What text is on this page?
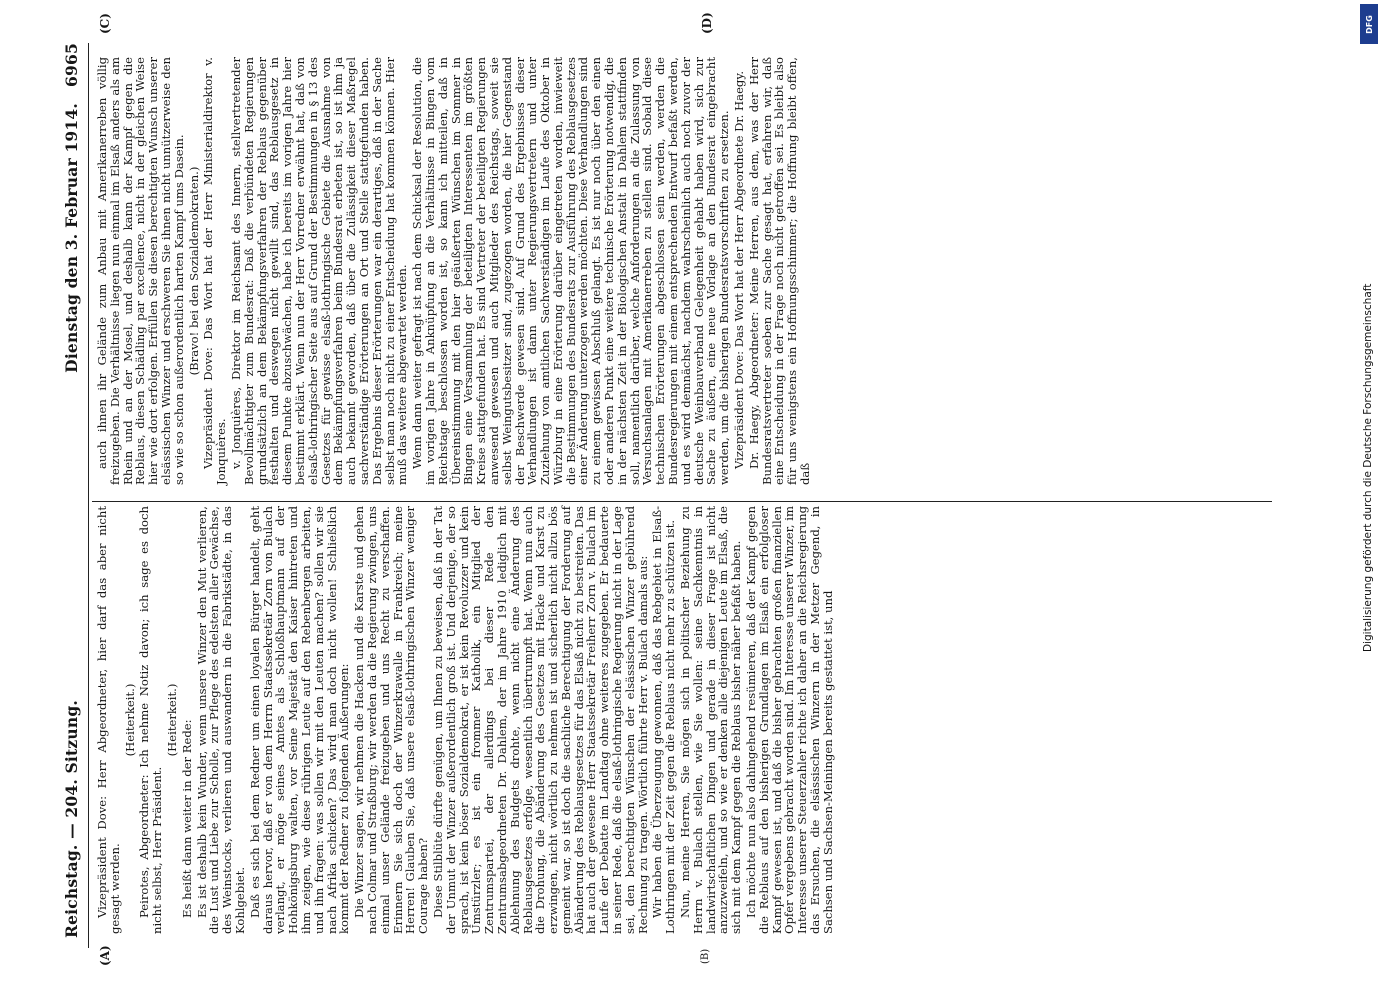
Reichstag. — 204. Sitzung.
Dienstag den 3. Februar 1914.
6965
(A)	(B)
(C)	(D)

Vizepräsident Dove: Herr Abgeordneter, hier darf das aber nicht gesagt werden.

(Heiterkeit.) Peirotes, Abgeordneter: Ich nehme Notiz davon; ich sage es doch nicht selbst, Herr Präsident.

(Heiterkeit.) Es heißt dann weiter in der Rede: Es ist deshalb kein Wunder, wenn unsere Winzer den Mut verlieren, die Lust und Liebe zur Scholle, zur Pflege des edelsten aller Gewächse, des Weinstocks, verlieren und auswandern in die Fabrikstädte, in das Kohlgebiet. Daß es sich bei dem Redner um einen loyalen Bürger handelt, geht daraus hervor, daß er von dem Herrn Staatssekretär Zorn von Bulach verlangt, er möge seines Amtes als Schloßhauptmann auf der Hohkönigsburg walten, vor Seine Majestät den Kaiser hintreten und ihm zeigen, wie diese rührigen Leute auf den Rebenbergen arbeiten, und ihn fragen: was sollen wir mit den Leuten machen? sollen wir sie nach Afrika schicken? Das wird man doch nicht wollen! Schließlich kommt der Redner zu folgenden Äußerungen: Die Winzer sagen, wir nehmen die Hacken und die Karste und gehen nach Colmar und Straßburg; wir werden da die Regierung zwingen, uns einmal unser Gelände freizugeben und uns Recht zu verschaffen. Erinnern Sie sich doch der Winzerkrawalle in Frankreich; meine Herren! Glauben Sie, daß unsere elsaß-lothringischen Winzer weniger Courage haben? Diese Stilblüte dürfte genügen, um Ihnen zu beweisen, daß in der Tat der Unmut der Winzer außerordentlich groß ist. Und derjenige, der so sprach, ist kein böser Sozialdemokrat, er ist kein Revoluzzer und kein Umstürzler; es ist ein frommer Katholik, ein Mitglied der Zentrumspartei, der allerdings bei dieser Rede den Zentrumsabgeordneten Dr. Dahlem, der im Jahre 1910 lediglich mit Ablehnung des Budgets drohte, wenn nicht eine Änderung des Reblausgesetzes erfolge, wesentlich übertrumpft hat. Wenn nun auch die Drohung, die Abänderung des Gesetzes mit Hacke und Karst zu erzwingen, nicht wörtlich zu nehmen ist und sicherlich nicht allzu bös gemeint war, so ist doch die sachliche Berechtigung der Forderung auf Abänderung des Reblausgesetzes für das Elsaß nicht zu bestreiten. Das hat auch der gewesene Herr Staatssekretär Freiherr Zorn v. Bulach im Laufe der Debatte im Landtag ohne weiteres zugegeben. Er bedauerte in seiner Rede, daß die elsaß-lothringische Regierung nicht in der Lage sei, den berechtigten Wünschen der elsässischen Winzer gebührend Rechnung zu tragen. Wörtlich führte Herr v. Bulach damals aus: Wir haben die Überzeugung gewonnen, daß das Rebgebiet in Elsaß-Lothringen mit der Zeit gegen die Reblaus nicht mehr zu schützen ist. Nun, meine Herren, Sie mögen sich in politischer Beziehung zu Herrn v. Bulach stellen, wie Sie wollen: seine Sachkenntnis in landwirtschaftlichen Dingen und gerade in dieser Frage ist nicht anzuzweifeln, und so wie er denken alle diejenigen Leute im Elsaß, die sich mit dem Kampf gegen die Reblaus bisher näher befaßt haben. Ich möchte nun also dahingehend resümieren, daß der Kampf gegen die Reblaus auf den bisherigen Grundlagen im Elsaß ein erfolgloser Kampf gewesen ist, und daß die bisher gebrachten großen finanziellen Opfer vergebens gebracht worden sind. Im Interesse unserer Winzer, im Interesse unserer Steuerzahler richte ich daher an die Reichsregierung das Ersuchen, die elsässischen Winzern in der Metzer Gegend, in Sachsen und Sachsen-Meiningen bereits gestattet ist, und

auch ihnen ihr Gelände zum Anbau mit Amerikanerreben völlig freizugeben. Die Verhältnisse liegen nun einmal im Elsaß anders als am Rhein und an der Mosel, und deshalb kann der Kampf gegen die Reblaus, diesen Schädling par excellence, nicht in der gleichen Weise hier wie dort erfolgen. Erfüllen Sie diesen berechtigten Wunsch unserer elsässischen Winzer und erschweren Sie ihnen nicht unnützerweise den so wie so schon außerordentlich harten Kampf ums Dasein. (Bravo! bei den Sozialdemokraten.) Vizepräsident Dove: Das Wort hat der Herr Ministerialdirektor v. Jonquières. v. Jonquières, Direktor im Reichsamt des Innern, stellvertretender Bevollmächtigter zum Bundesrat: Daß die verbündeten Regierungen grundsätzlich an dem Bekämpfungsverfahren der Reblaus gegenüber festhalten und deswegen nicht gewillt sind, das Reblausgesetz in diesem Punkte abzuschwächen, habe ich bereits im vorigen Jahre hier bestimmt erklärt. Wenn nun der Herr Vorredner erwähnt hat, daß von elsaß-lothringischer Seite aus auf Grund der Bestimmungen in § 13 des Gesetzes für gewisse elsaß-lothringische Gebiete die Ausnahme von dem Bekämpfungsverfahren beim Bundesrat erbeten ist, so ist ihm ja auch bekannt geworden, daß über die Zulässigkeit dieser Maßregel sachverständige Erörterungen an Ort und Stelle stattgefunden haben. Das Ergebnis dieser Erörterungen war ein derartiges, daß in der Sache selbst man noch nicht zu einer Entscheidung hat kommen können. Hier muß das weitere abgewartet werden. Wenn dann weiter gefragt ist nach dem Schicksal der Resolution, die im vorigen Jahre in Anknüpfung an die Verhältnisse in Bingen vom Reichstage beschlossen worden ist, so kann ich mitteilen, daß in Übereinstimmung mit den hier geäußerten Wünschen im Sommer in Bingen eine Versammlung der beteiligten Interessenten im größten Kreise stattgefunden hat. Es sind Vertreter der beteiligten Regierungen anwesend gewesen und auch Mitglieder des Reichstags, soweit sie selbst Weingutsbesitzer sind, zugezogen worden, die hier Gegenstand der Beschwerde gewesen sind. Auf Grund des Ergebnisses dieser Verhandlungen ist dann unter Regierungsvertretern und unter Zuziehung von amtlichen Sachverständigen im Laufe des Oktober in Würzburg in eine Erörterung darüber eingetreten worden, inwieweit die Bestimmungen des Bundesrats zur Ausführung des Reblausgesetzes einer Änderung unterzogen werden möchten. Diese Verhandlungen sind zu einem gewissen Abschluß gelangt. Es ist nur noch über den einen oder anderen Punkt eine weitere technische Erörterung notwendig, die in der nächsten Zeit in der Biologischen Anstalt in Dahlem stattfinden soll, namentlich darüber, welche Anforderungen an die Zulassung von Versuchsanlagen mit Amerikanerreben zu stellen sind. Sobald diese technischen Erörterungen abgeschlossen sein werden, werden die Bundesregierungen mit einem entsprechenden Entwurf befaßt werden, und es wird demnächst, nachdem wahrscheinlich auch noch zuvor der deutsche Weinbauverband Gelegenheit gehabt haben wird, sich zur Sache zu äußern, eine neue Vorlage an den Bundesrat eingebracht werden, um die bisherigen Bundesratsvorschriften zu ersetzen. Vizepräsident Dove: Das Wort hat der Herr Abgeordnete Dr. Haegy. Dr. Haegy, Abgeordneter: Meine Herren, aus dem, was der Herr Bundesratsvertreter soeben zur Sache gesagt hat, erfahren wir, daß eine Entscheidung in der Frage noch nicht getroffen sei. Es bleibt also für uns wenigstens ein Hoffnungsschimmer; die Hoffnung bleibt offen, daß

DFG
Digitalisierung gefördert durch die Deutsche Forschungsgemeinschaft
